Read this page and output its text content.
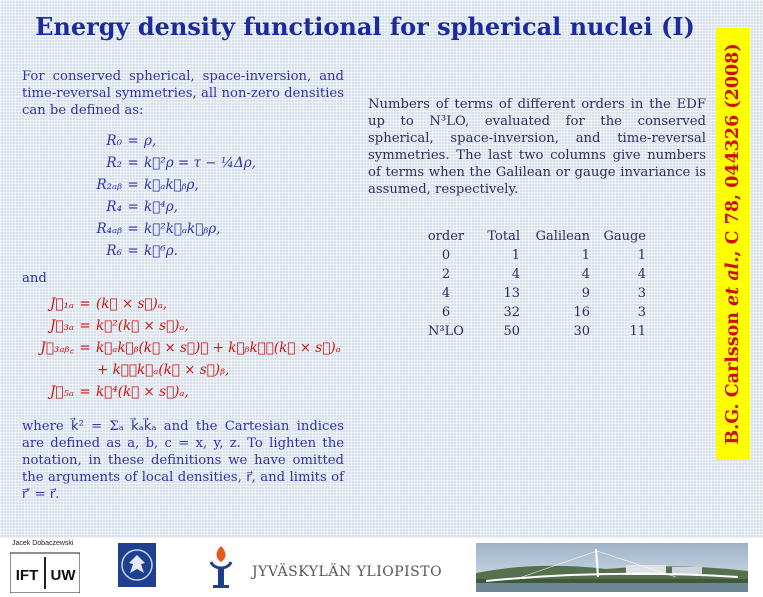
Energy density functional for spherical nuclei (I)
For conserved spherical, space-inversion, and time-reversal symmetries, all non-zero densities can be defined as:
R₀ = ρ,
R₂ = k⃗²ρ = τ − ¼Δρ,
R₂ₐᵦ = k⃗ₐk⃗ᵦρ,
R₄ = k⃗⁴ρ,
R₄ₐᵦ = k⃗²k⃗ₐk⃗ᵦρ,
R₆ = k⃗⁶ρ.
and
J⃗₁ₐ = (k⃗ × s⃗)ₐ,
J⃗₃ₐ = k⃗²(k⃗ × s⃗)ₐ,
J⃗₃ₐᵦ꜀ = k⃗ₐk⃗ᵦ(k⃗ × s⃗)꜀ + k⃗ᵦk⃗꜀(k⃗ × s⃗)ₐ
+ k⃗꜀k⃗ₐ(k⃗ × s⃗)ᵦ,
J⃗₅ₐ = k⃗⁴(k⃗ × s⃗)ₐ,
where k⃗² = Σₐ k⃗ₐk⃗ₐ and the Cartesian indices are defined as a, b, c = x, y, z. To lighten the notation, in these definitions we have omitted the arguments of local densities, r⃗, and limits of r⃗′ = r⃗.
Numbers of terms of different orders in the EDF up to N³LO, evaluated for the conserved spherical, space-inversion, and time-reversal symmetries. The last two columns give numbers of terms when the Galilean or gauge invariance is assumed, respectively.
order	Total	Galilean	Gauge
0	1	1	1
2	4	4	4
4	13	9	3
6	32	16	3
N³LO	50	30	11	B.G. Carlsson et al., C 78, 044326 (2008)
Jacek Dobaczewski
IFT UW	JYVÄSKYLÄN YLIOPISTO
